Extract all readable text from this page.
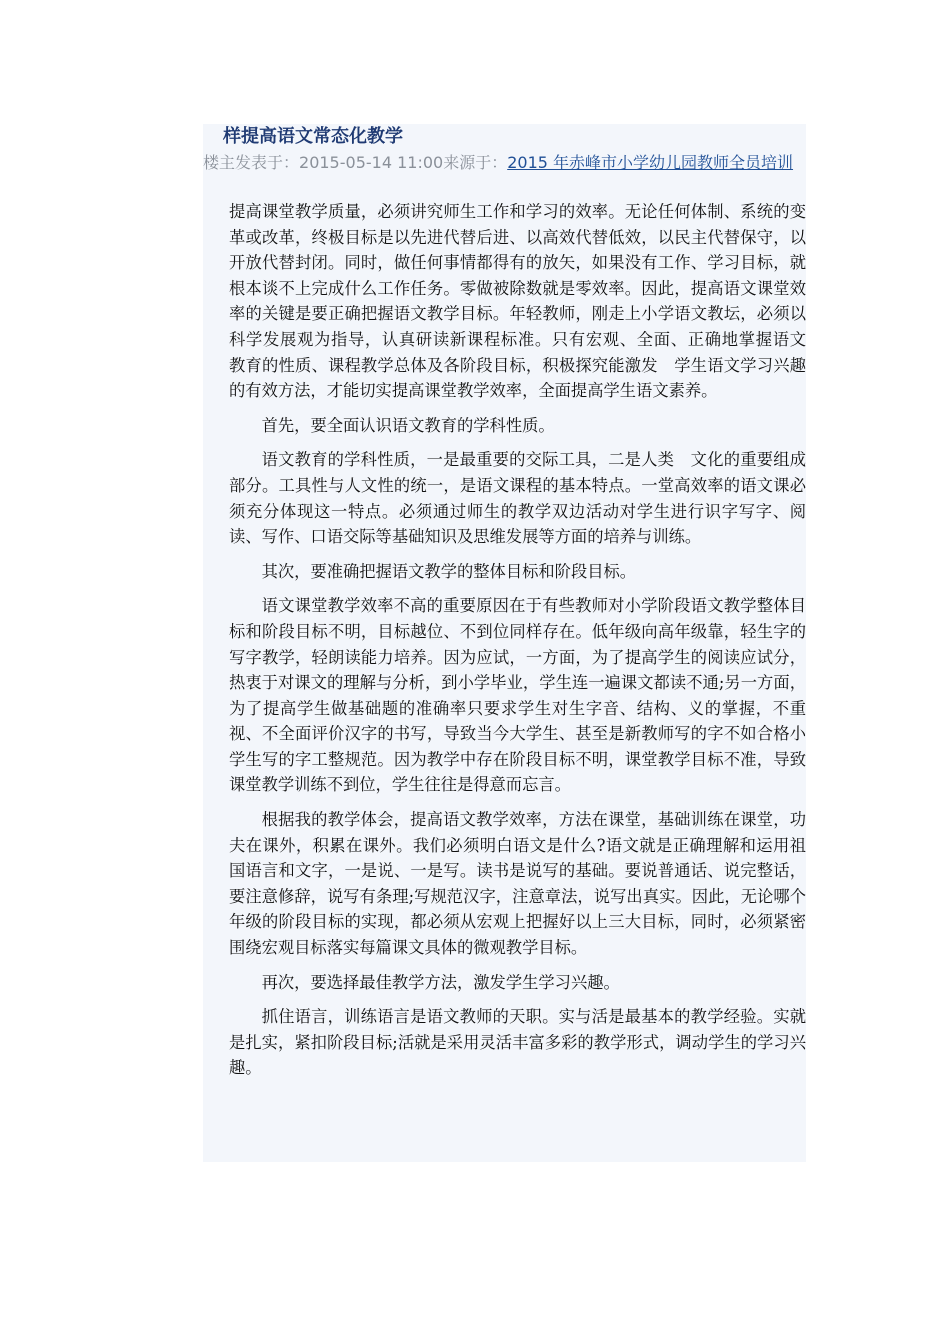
样提高语文常态化教学
楼主发表于：2015-05-14 11:00来源于：2015 年赤峰市小学幼儿园教师全员培训

提高课堂教学质量，必须讲究师生工作和学习的效率。无论任何体制、系统的变革或改革，终极目标是以先进代替后进、以高效代替低效，以民主代替保守，以开放代替封闭。同时，做任何事情都得有的放矢，如果没有工作、学习目标，就根本谈不上完成什么工作任务。零做被除数就是零效率。因此，提高语文课堂效率的关键是要正确把握语文教学目标。年轻教师，刚走上小学语文教坛，必须以科学发展观为指导，认真研读新课程标准。只有宏观、全面、正确地掌握语文　教育的性质、课程教学总体及各阶段目标，积极探究能激发　学生语文学习兴趣的有效方法，才能切实提高课堂教学效率，全面提高学生语文素养。

首先，要全面认识语文教育的学科性质。

语文教育的学科性质，一是最重要的交际工具，二是人类　文化的重要组成部分。工具性与人文性的统一，是语文课程的基本特点。一堂高效率的语文课必须充分体现这一特点。必须通过师生的教学双边活动对学生进行识字写字、阅读、写作、口语交际等基础知识及思维发展等方面的培养与训练。

其次，要准确把握语文教学的整体目标和阶段目标。

语文课堂教学效率不高的重要原因在于有些教师对小学阶段语文教学整体目标和阶段目标不明，目标越位、不到位同样存在。低年级向高年级靠，轻生字的写字教学，轻朗读能力培养。因为应试，一方面，为了提高学生的阅读应试分，热衷于对课文的理解与分析，到小学毕业，学生连一遍课文都读不通;另一方面，为了提高学生做基础题的准确率只要求学生对生字音、结构、义的掌握，不重视、不全面评价汉字的书写，导致当今大学生、甚至是新教师写的字不如合格小学生写的字工整规范。因为教学中存在阶段目标不明，课堂教学目标不准，导致课堂教学训练不到位，学生往往是得意而忘言。

根据我的教学体会，提高语文教学效率，方法在课堂，基础训练在课堂，功夫在课外，积累在课外。我们必须明白语文是什么?语文就是正确理解和运用祖国语言和文字，一是说、一是写。读书是说写的基础。要说普通话、说完整话，要注意修辞，说写有条理;写规范汉字，注意章法，说写出真实。因此，无论哪个年级的阶段目标的实现，都必须从宏观上把握好以上三大目标，同时，必须紧密围绕宏观目标落实每篇课文具体的微观教学目标。

再次，要选择最佳教学方法，激发学生学习兴趣。

抓住语言，训练语言是语文教师的天职。实与活是最基本的教学经验。实就是扎实，紧扣阶段目标;活就是采用灵活丰富多彩的教学形式，调动学生的学习兴趣。
